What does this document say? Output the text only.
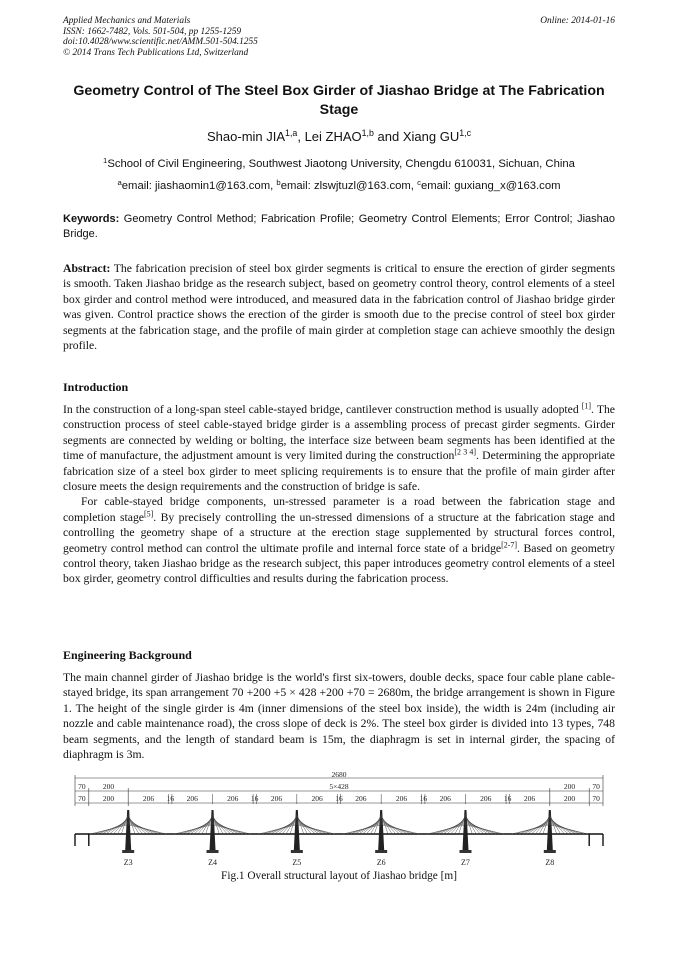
Applied Mechanics and Materials
ISSN: 1662-7482, Vols. 501-504, pp 1255-1259
doi:10.4028/www.scientific.net/AMM.501-504.1255
© 2014 Trans Tech Publications Ltd, Switzerland
Online: 2014-01-16
Geometry Control of The Steel Box Girder of Jiashao Bridge at The Fabrication Stage
Shao-min JIA$^{1,a}$, Lei ZHAO$^{1,b}$ and Xiang GU$^{1,c}$
$^1$School of Civil Engineering, Southwest Jiaotong University, Chengdu 610031, Sichuan, China
$^a$email: jiashaomin1@163.com, $^b$email: zlswjtuzl@163.com, $^c$email: guxiang_x@163.com
Keywords: Geometry Control Method; Fabrication Profile; Geometry Control Elements; Error Control; Jiashao Bridge.

Abstract: The fabrication precision of steel box girder segments is critical to ensure the erection of girder segments is smooth. Taken Jiashao bridge as the research subject, based on geometry control theory, control elements of a steel box girder and control method were introduced, and measured data in the fabrication control of Jiashao bridge girder was given. Control practice shows the erection of the girder is smooth due to the precise control of steel box girder segments at the fabrication stage, and the profile of main girder at completion stage can achieve smoothly the design profile.

Introduction

In the construction of a long-span steel cable-stayed bridge, cantilever construction method is usually adopted [1]. The construction process of steel cable-stayed bridge girder is a assembling process of precast girder segments. Girder segments are connected by welding or bolting, the interface size between beam segments has been identified at the time of manufacture, the adjustment amount is very limited during the construction[2 3 4]. Determining the appropriate fabrication size of a steel box girder to meet splicing requirements is to ensure that the profile of main girder after closure meets the design requirements and the construction of bridge is safe.

For cable-stayed bridge components, un-stressed parameter is a road between the fabrication stage and completion stage[5]. By precisely controlling the un-stressed dimensions of a structure at the fabrication stage and controlling the geometry shape of a structure at the erection stage supplemented by structural forces control, geometry control method can control the ultimate profile and internal force state of a bridge[2-7]. Based on geometry control theory, taken Jiashao bridge as the research subject, this paper introduces geometry control elements of a steel box girder, geometry control difficulties and results during the fabrication process.

Engineering Background

The main channel girder of Jiashao bridge is the world's first six-towers, double decks, space four cable plane cable-stayed bridge, its span arrangement 70 +200 +5 × 428 +200 +70 = 2680m, the bridge arrangement is shown in Figure 1. The height of the single girder is 4m (inner dimensions of the steel box inside), the width is 24m (including air nozzle and cable maintenance road), the cross slope of deck is 2%. The steel box girder is divided into 13 types, 748 beam segments, and the length of standard beam is 15m, the diaphragm is set in internal girder, the spacing of diaphragm is 3m.

2680
70 200	5×428	200 70
70 200	206 16 206	206 16 206	206 16 206	206 16 206	206 16 206	200 70
Z3	Z4	Z5	Z6	Z7	Z8
Fig.1 Overall structural layout of Jiashao bridge [m]
